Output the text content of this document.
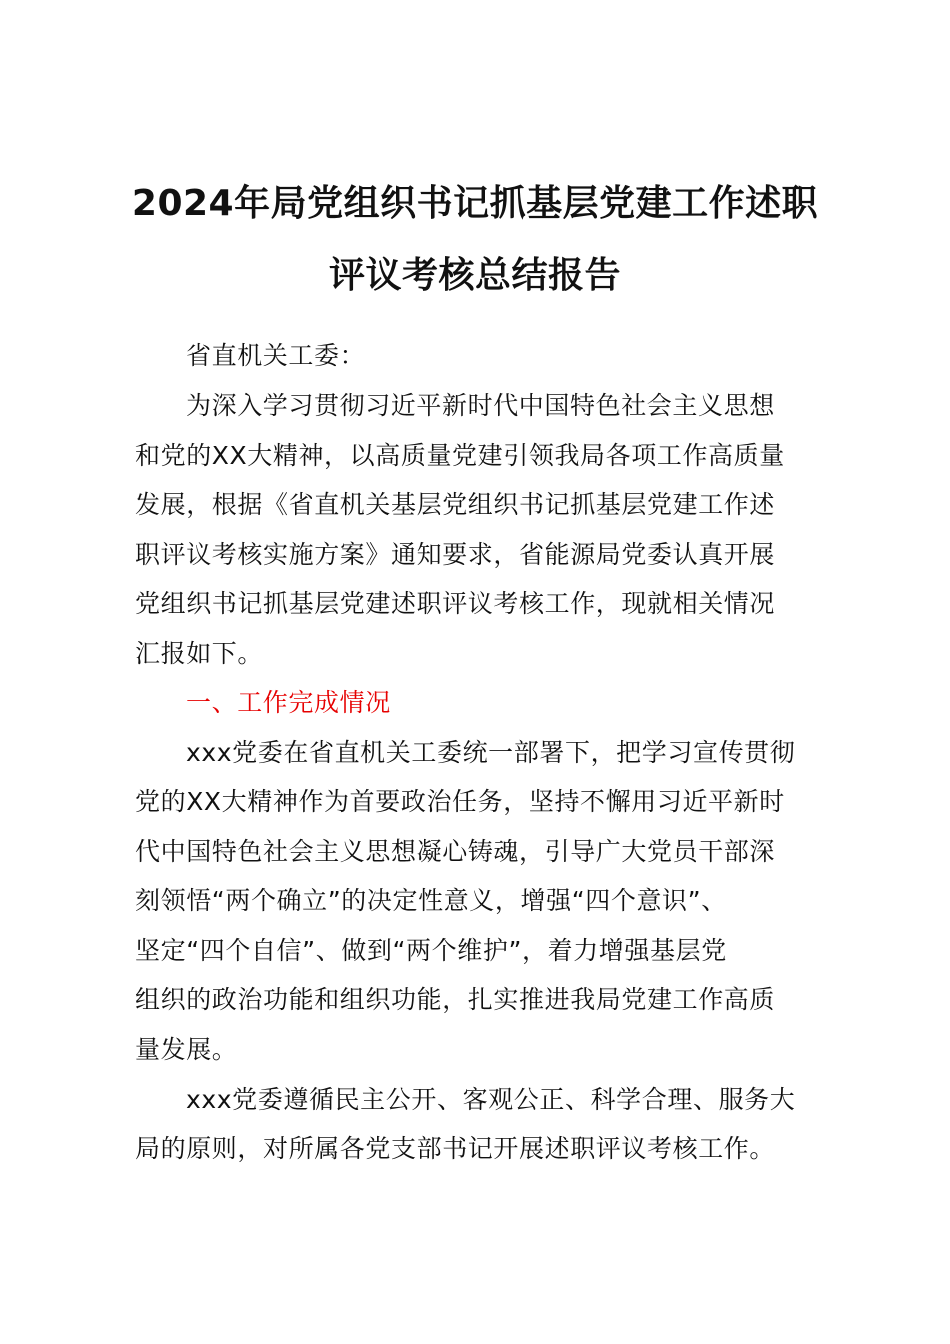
2024年局党组织书记抓基层党建工作述职
评议考核总结报告
省直机关工委：
为深入学习贯彻习近平新时代中国特色社会主义思想
和党的XX大精神，以高质量党建引领我局各项工作高质量
发展，根据《省直机关基层党组织书记抓基层党建工作述
职评议考核实施方案》通知要求，省能源局党委认真开展
党组织书记抓基层党建述职评议考核工作，现就相关情况
汇报如下。
一、工作完成情况
xxx党委在省直机关工委统一部署下，把学习宣传贯彻
党的XX大精神作为首要政治任务，坚持不懈用习近平新时
代中国特色社会主义思想凝心铸魂，引导广大党员干部深
刻领悟“两个确立”的决定性意义，增强“四个意识”、
坚定“四个自信”、做到“两个维护”，着力增强基层党
组织的政治功能和组织功能，扎实推进我局党建工作高质
量发展。
xxx党委遵循民主公开、客观公正、科学合理、服务大
局的原则，对所属各党支部书记开展述职评议考核工作。
